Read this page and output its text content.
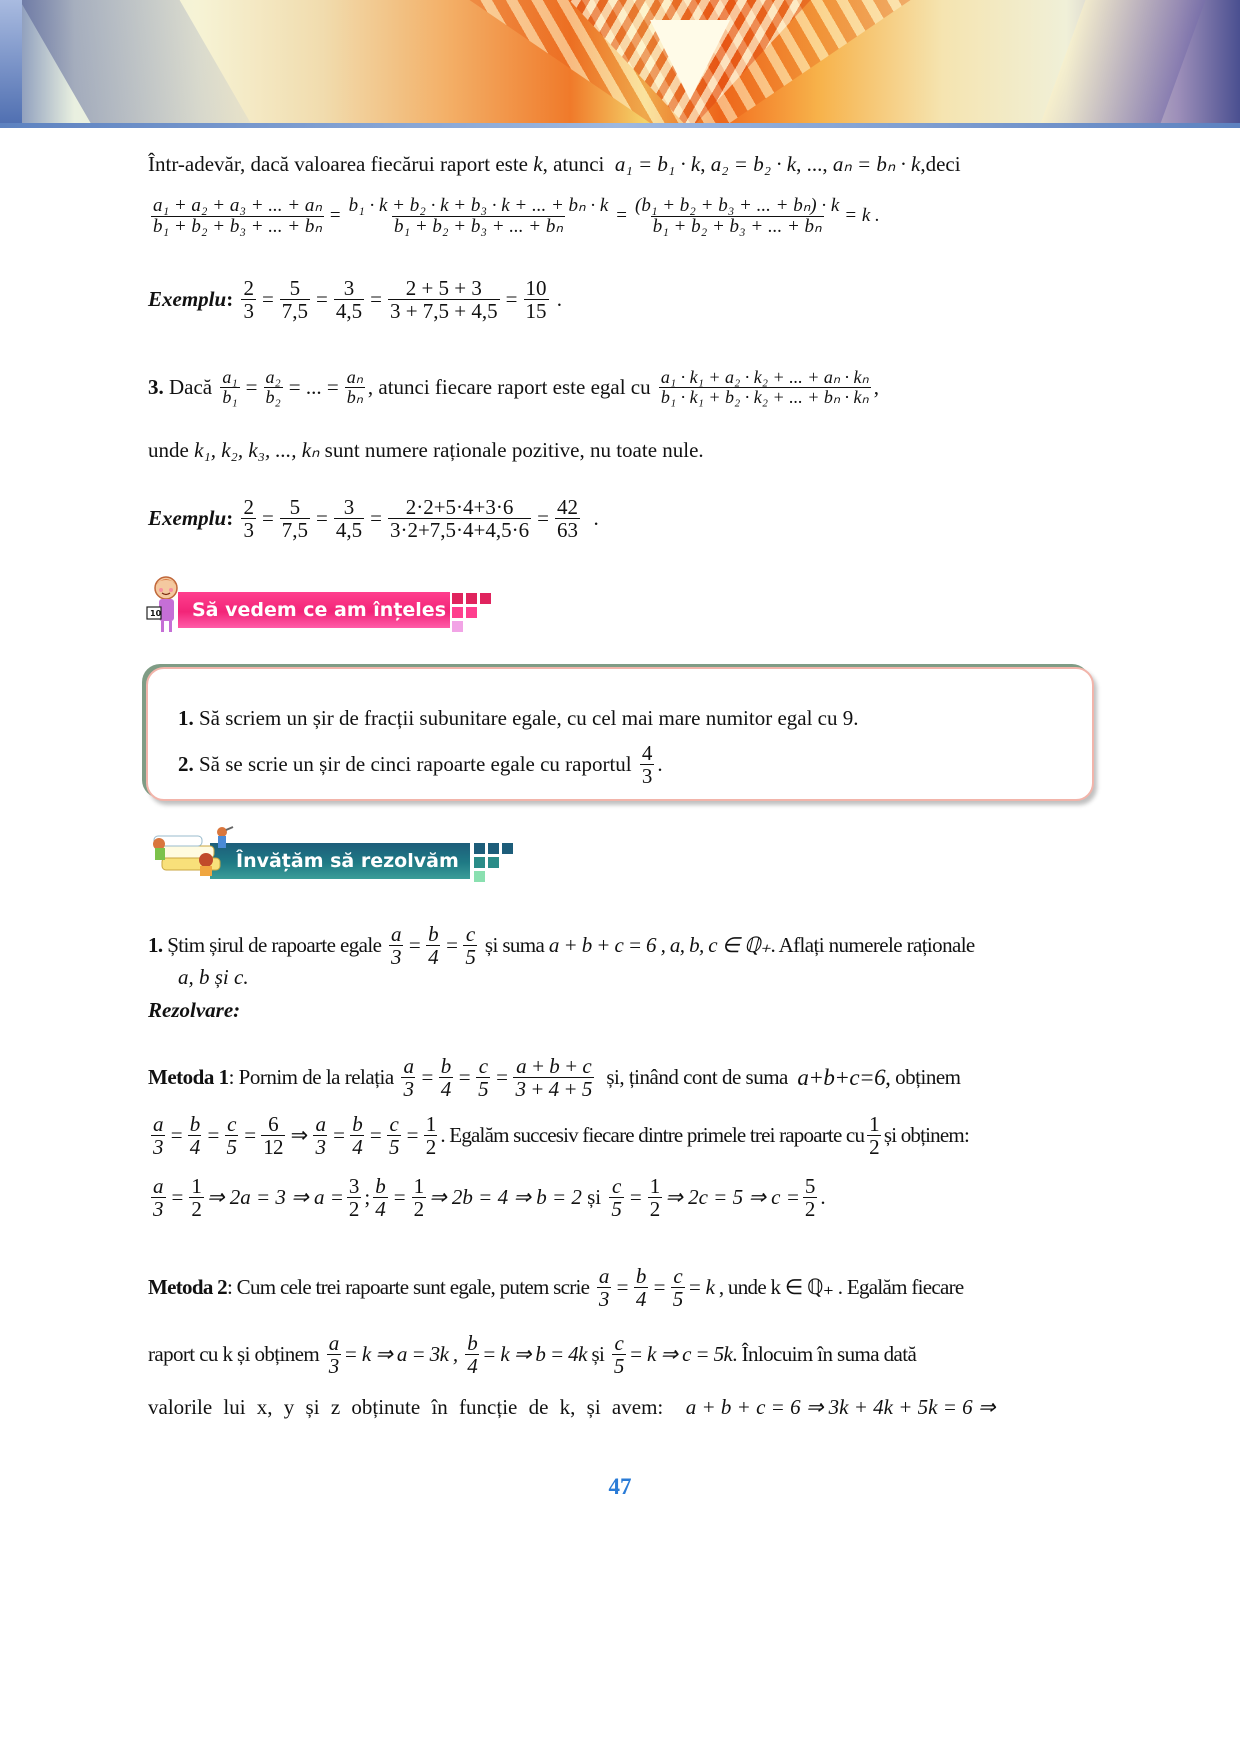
Într-adevăr, dacă valoarea fiecărui raport este
k , atunci
a₁ = b₁ · k , a₂ = b₂ · k , ...,
aₙ = bₙ · k ,deci
$\frac{\text{a₁ + a₂ + a₃ + ... + aₙ}}{\text{b₁ + b₂ + b₃ + ... + bₙ}} = \frac{\text{b₁ · k + b₂ · k + b₃ · k + ... + bₙ · k}}{\text{b₁ + b₂ + b₃ + ... + bₙ}} = \frac{\text{(b₁ + b₂ + b₃ + ... + bₙ) · k}}{\text{b₁ + b₂ + b₃ + ... + bₙ}} = k$ .
Exemplu :
$\frac{2}{3} = \frac{5}{7,5} = \frac{3}{4,5} = \frac{2 + 5 + 3}{3 + 7,5 + 4,5} = \frac{10}{15}$ .
3.
Dacă
$\frac{\text{a₁}}{\text{b₁}} = \frac{\text{a₂}}{\text{b₂}}$ = ... = $\frac{\text{aₙ}}{\text{bₙ}}$ , atunci fiecare raport este egal cu
$\frac{\text{a₁ · k₁ + a₂ · k₂ + ... + aₙ · kₙ}}{\text{b₁ · k₁ + b₂ · k₂ + ... + bₙ · kₙ}}$ ,
unde
k₁, k₂, k₃, ..., kₙ
sunt numere raționale pozitive, nu toate nule.
Exemplu :
$\frac{2}{3} = \frac{5}{7,5} = \frac{3}{4,5} = \frac{2\cdot 2+5\cdot 4+3\cdot 6}{3\cdot 2+7,5\cdot 4+4,5\cdot 6} = \frac{42}{63}$ .
Să vedem ce am înțeles
10
1.
Să scriem un șir de fracții subunitare egale, cu cel mai mare numitor egal cu 9.
2.
Să se scrie un șir de cinci rapoarte egale cu raportul
$\frac{4}{3}$ .
Învățăm să rezolvăm
1.
Știm șirul de rapoarte egale
$\frac{a}{3} = \frac{b}{4} = \frac{c}{5}$
și suma
a + b + c = 6 , a, b, c ∈ ℚ₊ . Aflați numerele raționale
a, b și c.
Rezolvare:
Metoda 1 : Pornim de la relația
$\frac{a}{3} = \frac{b}{4} = \frac{c}{5} = \frac{a + b + c}{3 + 4 + 5}$
și, ținând cont de suma
a+b+c=6,
obținem
$\frac{a}{3} = \frac{b}{4} = \frac{c}{5} = \frac{6}{12}$ ⇒ $\frac{a}{3} = \frac{b}{4} = \frac{c}{5} = \frac{1}{2}$ . Egalăm succesiv fiecare dintre primele trei rapoarte cu $\frac{1}{2}$ și obținem:
$\frac{a}{3} = \frac{1}{2}$ ⇒ 2a = 3 ⇒ $a = \frac{3}{2}$ ; $\frac{b}{4} = \frac{1}{2}$ ⇒ 2b = 4 ⇒ b = 2
și
$\frac{c}{5} = \frac{1}{2}$ ⇒ 2c = 5 ⇒ $c = \frac{5}{2}$ .
Metoda 2 : Cum cele trei rapoarte sunt egale, putem scrie
$\frac{a}{3} = \frac{b}{4} = \frac{c}{5} = k$
, unde k ∈ ℚ₊ . Egalăm fiecare
raport cu k și obținem
$\frac{a}{3} = k$ ⇒ a = 3k ,
$\frac{b}{4} = k$ ⇒ b = 4k
și
$\frac{c}{5} = k$ ⇒ c = 5k . Înlocuim în suma dată
valorile lui x, y și z obținute în funcție de k, și avem:
a + b + c = 6 ⇒ 3k + 4k + 5k = 6 ⇒
47
